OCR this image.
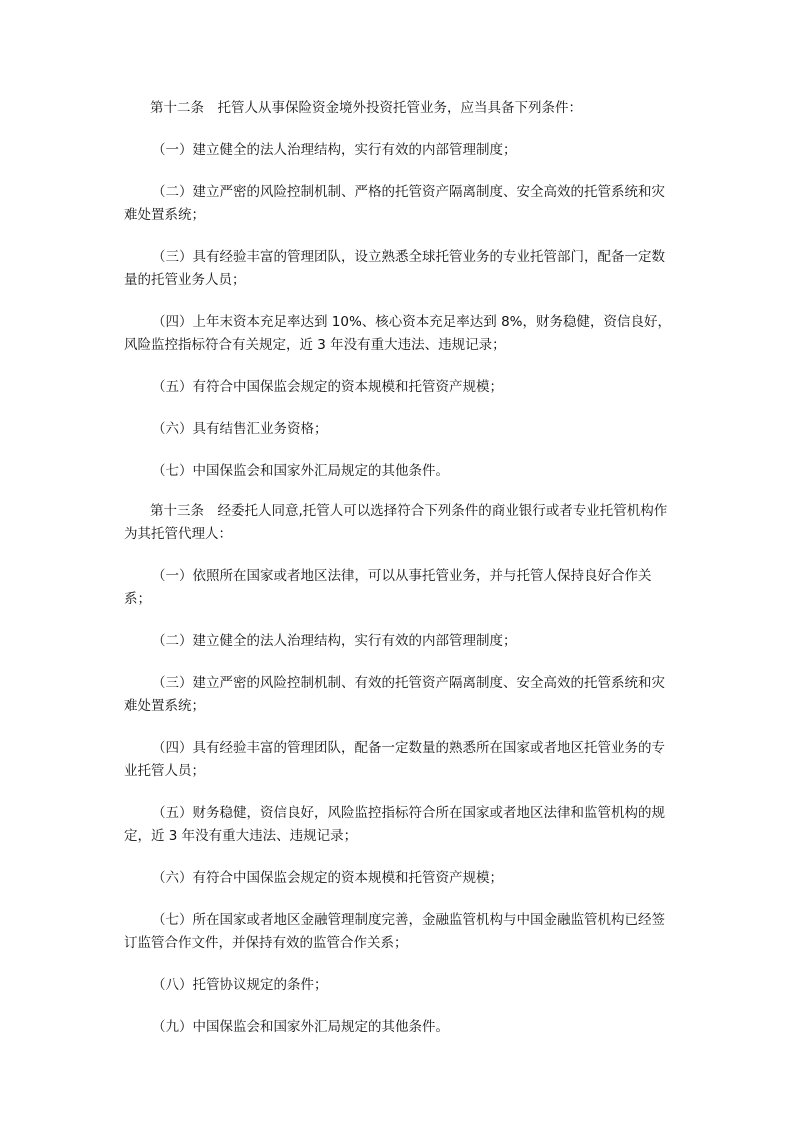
第十二条　托管人从事保险资金境外投资托管业务，应当具备下列条件：

（一）建立健全的法人治理结构，实行有效的内部管理制度；

（二）建立严密的风险控制机制、严格的托管资产隔离制度、安全高效的托管系统和灾难处置系统；

（三）具有经验丰富的管理团队，设立熟悉全球托管业务的专业托管部门，配备一定数量的托管业务人员；

（四）上年末资本充足率达到 10%、核心资本充足率达到 8%，财务稳健，资信良好，风险监控指标符合有关规定，近 3 年没有重大违法、违规记录；

（五）有符合中国保监会规定的资本规模和托管资产规模；

（六）具有结售汇业务资格；

（七）中国保监会和国家外汇局规定的其他条件。

第十三条　经委托人同意,托管人可以选择符合下列条件的商业银行或者专业托管机构作为其托管代理人：

（一）依照所在国家或者地区法律，可以从事托管业务，并与托管人保持良好合作关系；

（二）建立健全的法人治理结构，实行有效的内部管理制度；

（三）建立严密的风险控制机制、有效的托管资产隔离制度、安全高效的托管系统和灾难处置系统；

（四）具有经验丰富的管理团队，配备一定数量的熟悉所在国家或者地区托管业务的专业托管人员；

（五）财务稳健，资信良好，风险监控指标符合所在国家或者地区法律和监管机构的规定，近 3 年没有重大违法、违规记录；

（六）有符合中国保监会规定的资本规模和托管资产规模；

（七）所在国家或者地区金融管理制度完善，金融监管机构与中国金融监管机构已经签订监管合作文件，并保持有效的监管合作关系；

（八）托管协议规定的条件；

（九）中国保监会和国家外汇局规定的其他条件。
